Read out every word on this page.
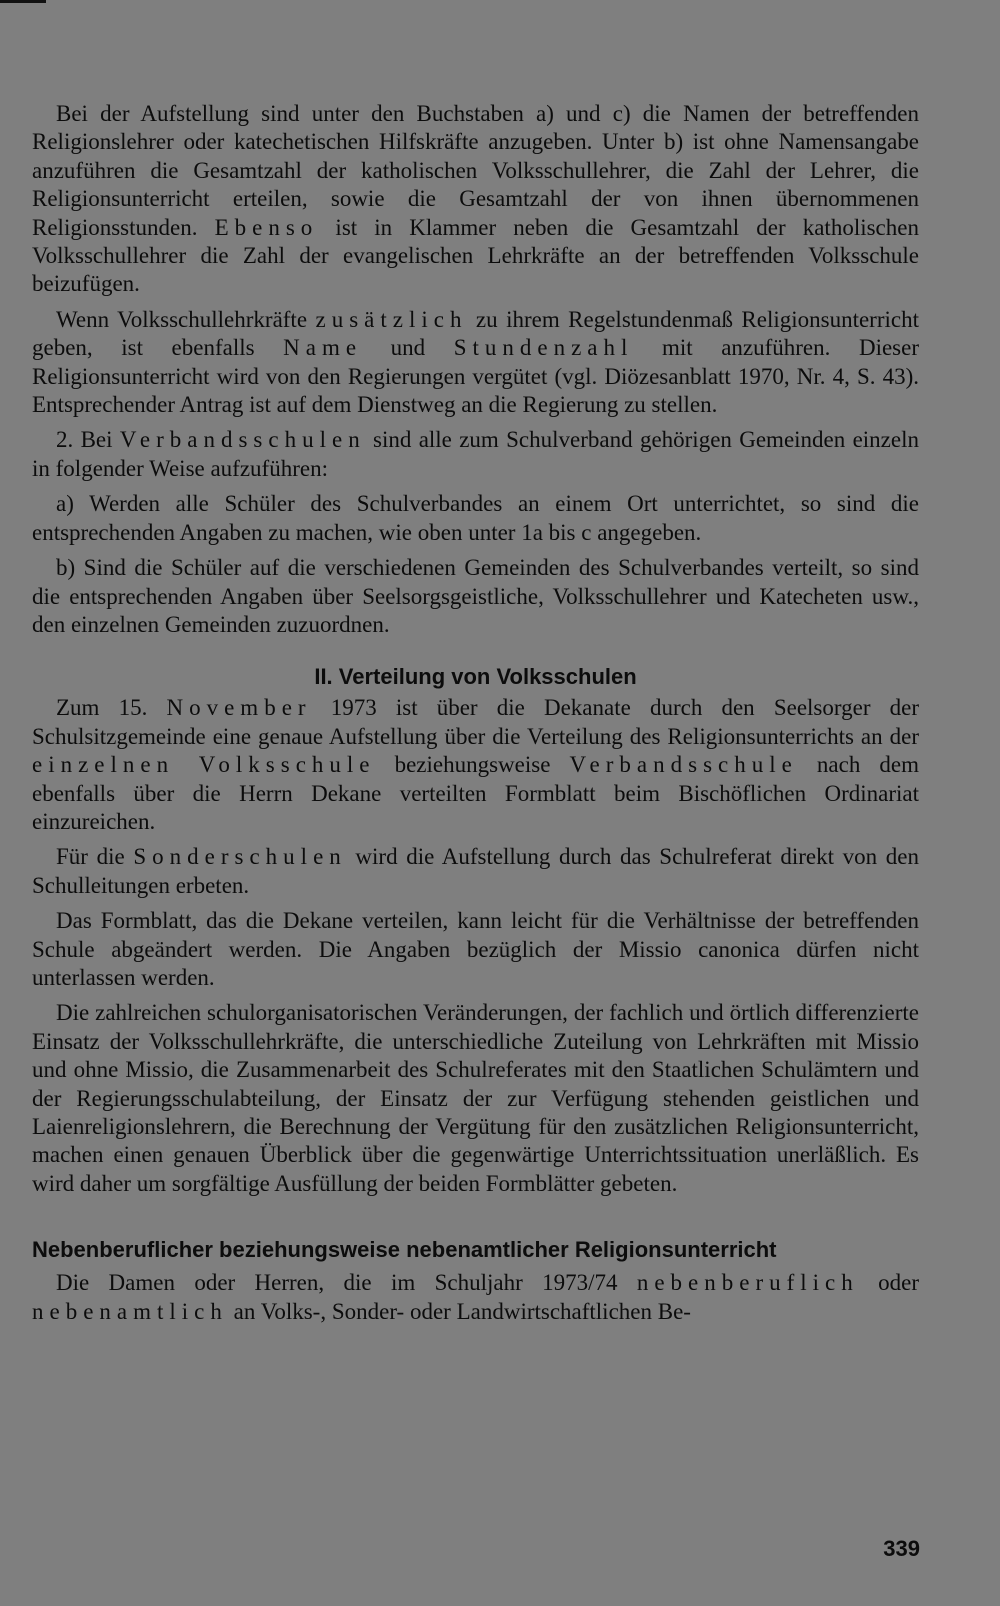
Bei der Aufstellung sind unter den Buchstaben a) und c) die Namen der betreffenden Religionslehrer oder katechetischen Hilfskräfte anzugeben. Unter b) ist ohne Namensangabe anzuführen die Gesamtzahl der katholischen Volksschullehrer, die Zahl der Lehrer, die Religionsunterricht erteilen, sowie die Gesamtzahl der von ihnen übernommenen Religionsstunden. Ebenso ist in Klammer neben die Gesamtzahl der katholischen Volksschullehrer die Zahl der evangelischen Lehrkräfte an der betreffenden Volksschule beizufügen.

Wenn Volksschullehrkräfte zusätzlich zu ihrem Regelstundenmaß Religionsunterricht geben, ist ebenfalls Name und Stundenzahl mit anzuführen. Dieser Religionsunterricht wird von den Regierungen vergütet (vgl. Diözesanblatt 1970, Nr. 4, S. 43). Entsprechender Antrag ist auf dem Dienstweg an die Regierung zu stellen.

2. Bei Verbandsschulen sind alle zum Schulverband gehörigen Gemeinden einzeln in folgender Weise aufzuführen:

a) Werden alle Schüler des Schulverbandes an einem Ort unterrichtet, so sind die entsprechenden Angaben zu machen, wie oben unter 1a bis c angegeben.

b) Sind die Schüler auf die verschiedenen Gemeinden des Schulverbandes verteilt, so sind die entsprechenden Angaben über Seelsorgsgeistliche, Volksschullehrer und Katecheten usw., den einzelnen Gemeinden zuzuordnen.

II. Verteilung von Volksschulen

Zum 15. November 1973 ist über die Dekanate durch den Seelsorger der Schulsitzgemeinde eine genaue Aufstellung über die Verteilung des Religionsunterrichts an der einzelnen Volksschule beziehungsweise Verbandsschule nach dem ebenfalls über die Herrn Dekane verteilten Formblatt beim Bischöflichen Ordinariat einzureichen.

Für die Sonderschulen wird die Aufstellung durch das Schulreferat direkt von den Schulleitungen erbeten.

Das Formblatt, das die Dekane verteilen, kann leicht für die Verhältnisse der betreffenden Schule abgeändert werden. Die Angaben bezüglich der Missio canonica dürfen nicht unterlassen werden.

Die zahlreichen schulorganisatorischen Veränderungen, der fachlich und örtlich differenzierte Einsatz der Volksschullehrkräfte, die unterschiedliche Zuteilung von Lehrkräften mit Missio und ohne Missio, die Zusammenarbeit des Schulreferates mit den Staatlichen Schulämtern und der Regierungsschulabteilung, der Einsatz der zur Verfügung stehenden geistlichen und Laienreligionslehrern, die Berechnung der Vergütung für den zusätzlichen Religionsunterricht, machen einen genauen Überblick über die gegenwärtige Unterrichtssituation unerläßlich. Es wird daher um sorgfältige Ausfüllung der beiden Formblätter gebeten.

Nebenberuflicher beziehungsweise nebenamtlicher Religionsunterricht

Die Damen oder Herren, die im Schuljahr 1973/74 nebenberuflich oder nebenamtlich an Volks-, Sonder- oder Landwirtschaftlichen Be-

339
